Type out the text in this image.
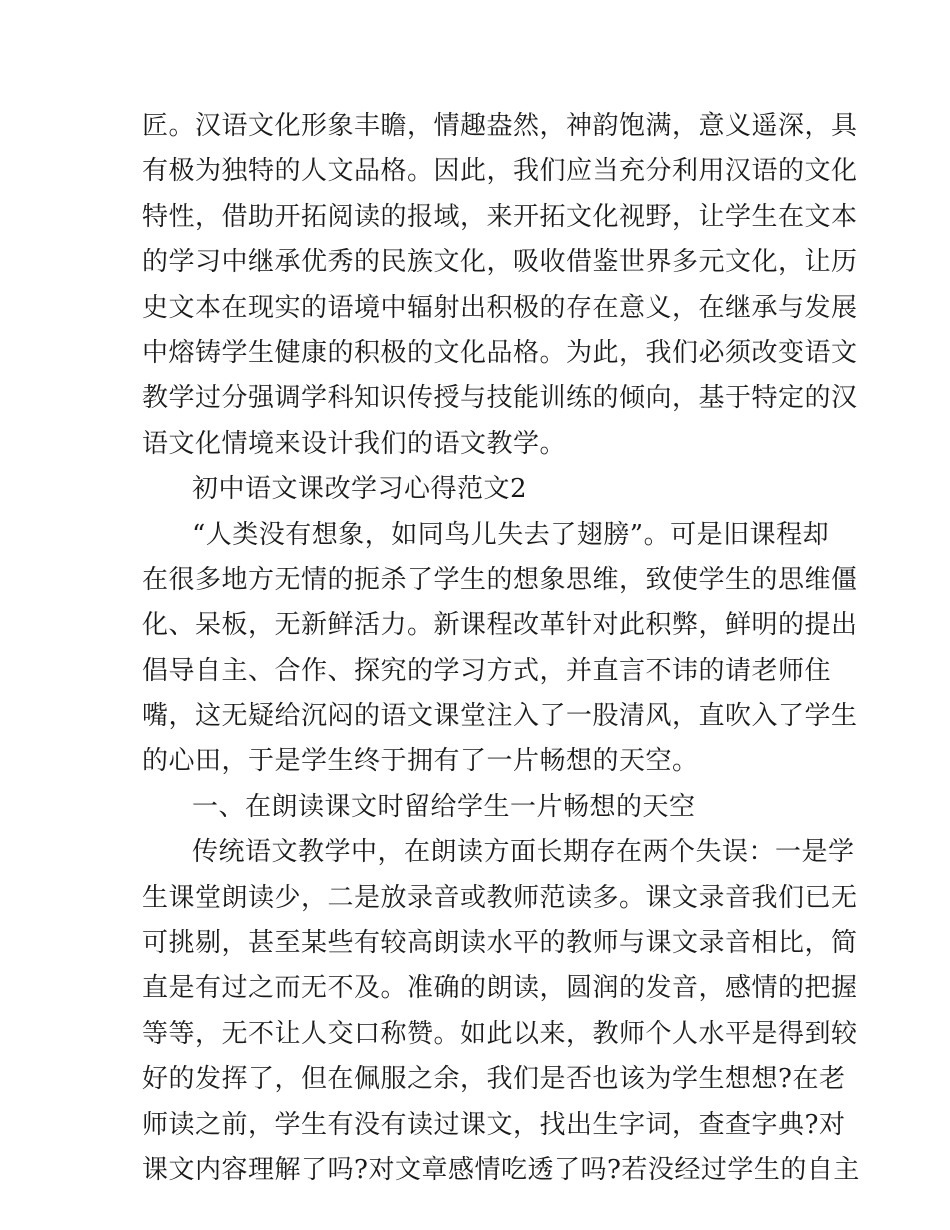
匠。汉语文化形象丰瞻，情趣盎然，神韵饱满，意义遥深，具
有极为独特的人文品格。因此，我们应当充分利用汉语的文化
特性，借助开拓阅读的报域，来开拓文化视野，让学生在文本
的学习中继承优秀的民族文化，吸收借鉴世界多元文化，让历
史文本在现实的语境中辐射出积极的存在意义，在继承与发展
中熔铸学生健康的积极的文化品格。为此，我们必须改变语文
教学过分强调学科知识传授与技能训练的倾向，基于特定的汉
语文化情境来设计我们的语文教学。
初中语文课改学习心得范文2
“人类没有想象，如同鸟儿失去了翅膀”。可是旧课程却
在很多地方无情的扼杀了学生的想象思维，致使学生的思维僵
化、呆板，无新鲜活力。新课程改革针对此积弊，鲜明的提出
倡导自主、合作、探究的学习方式，并直言不讳的请老师住
嘴，这无疑给沉闷的语文课堂注入了一股清风，直吹入了学生
的心田，于是学生终于拥有了一片畅想的天空。
一、在朗读课文时留给学生一片畅想的天空
传统语文教学中，在朗读方面长期存在两个失误：一是学
生课堂朗读少，二是放录音或教师范读多。课文录音我们已无
可挑剔，甚至某些有较高朗读水平的教师与课文录音相比，简
直是有过之而无不及。准确的朗读，圆润的发音，感情的把握
等等，无不让人交口称赞。如此以来，教师个人水平是得到较
好的发挥了，但在佩服之余，我们是否也该为学生想想?在老
师读之前，学生有没有读过课文，找出生字词，查查字典?对
课文内容理解了吗?对文章感情吃透了吗?若没经过学生的自主
